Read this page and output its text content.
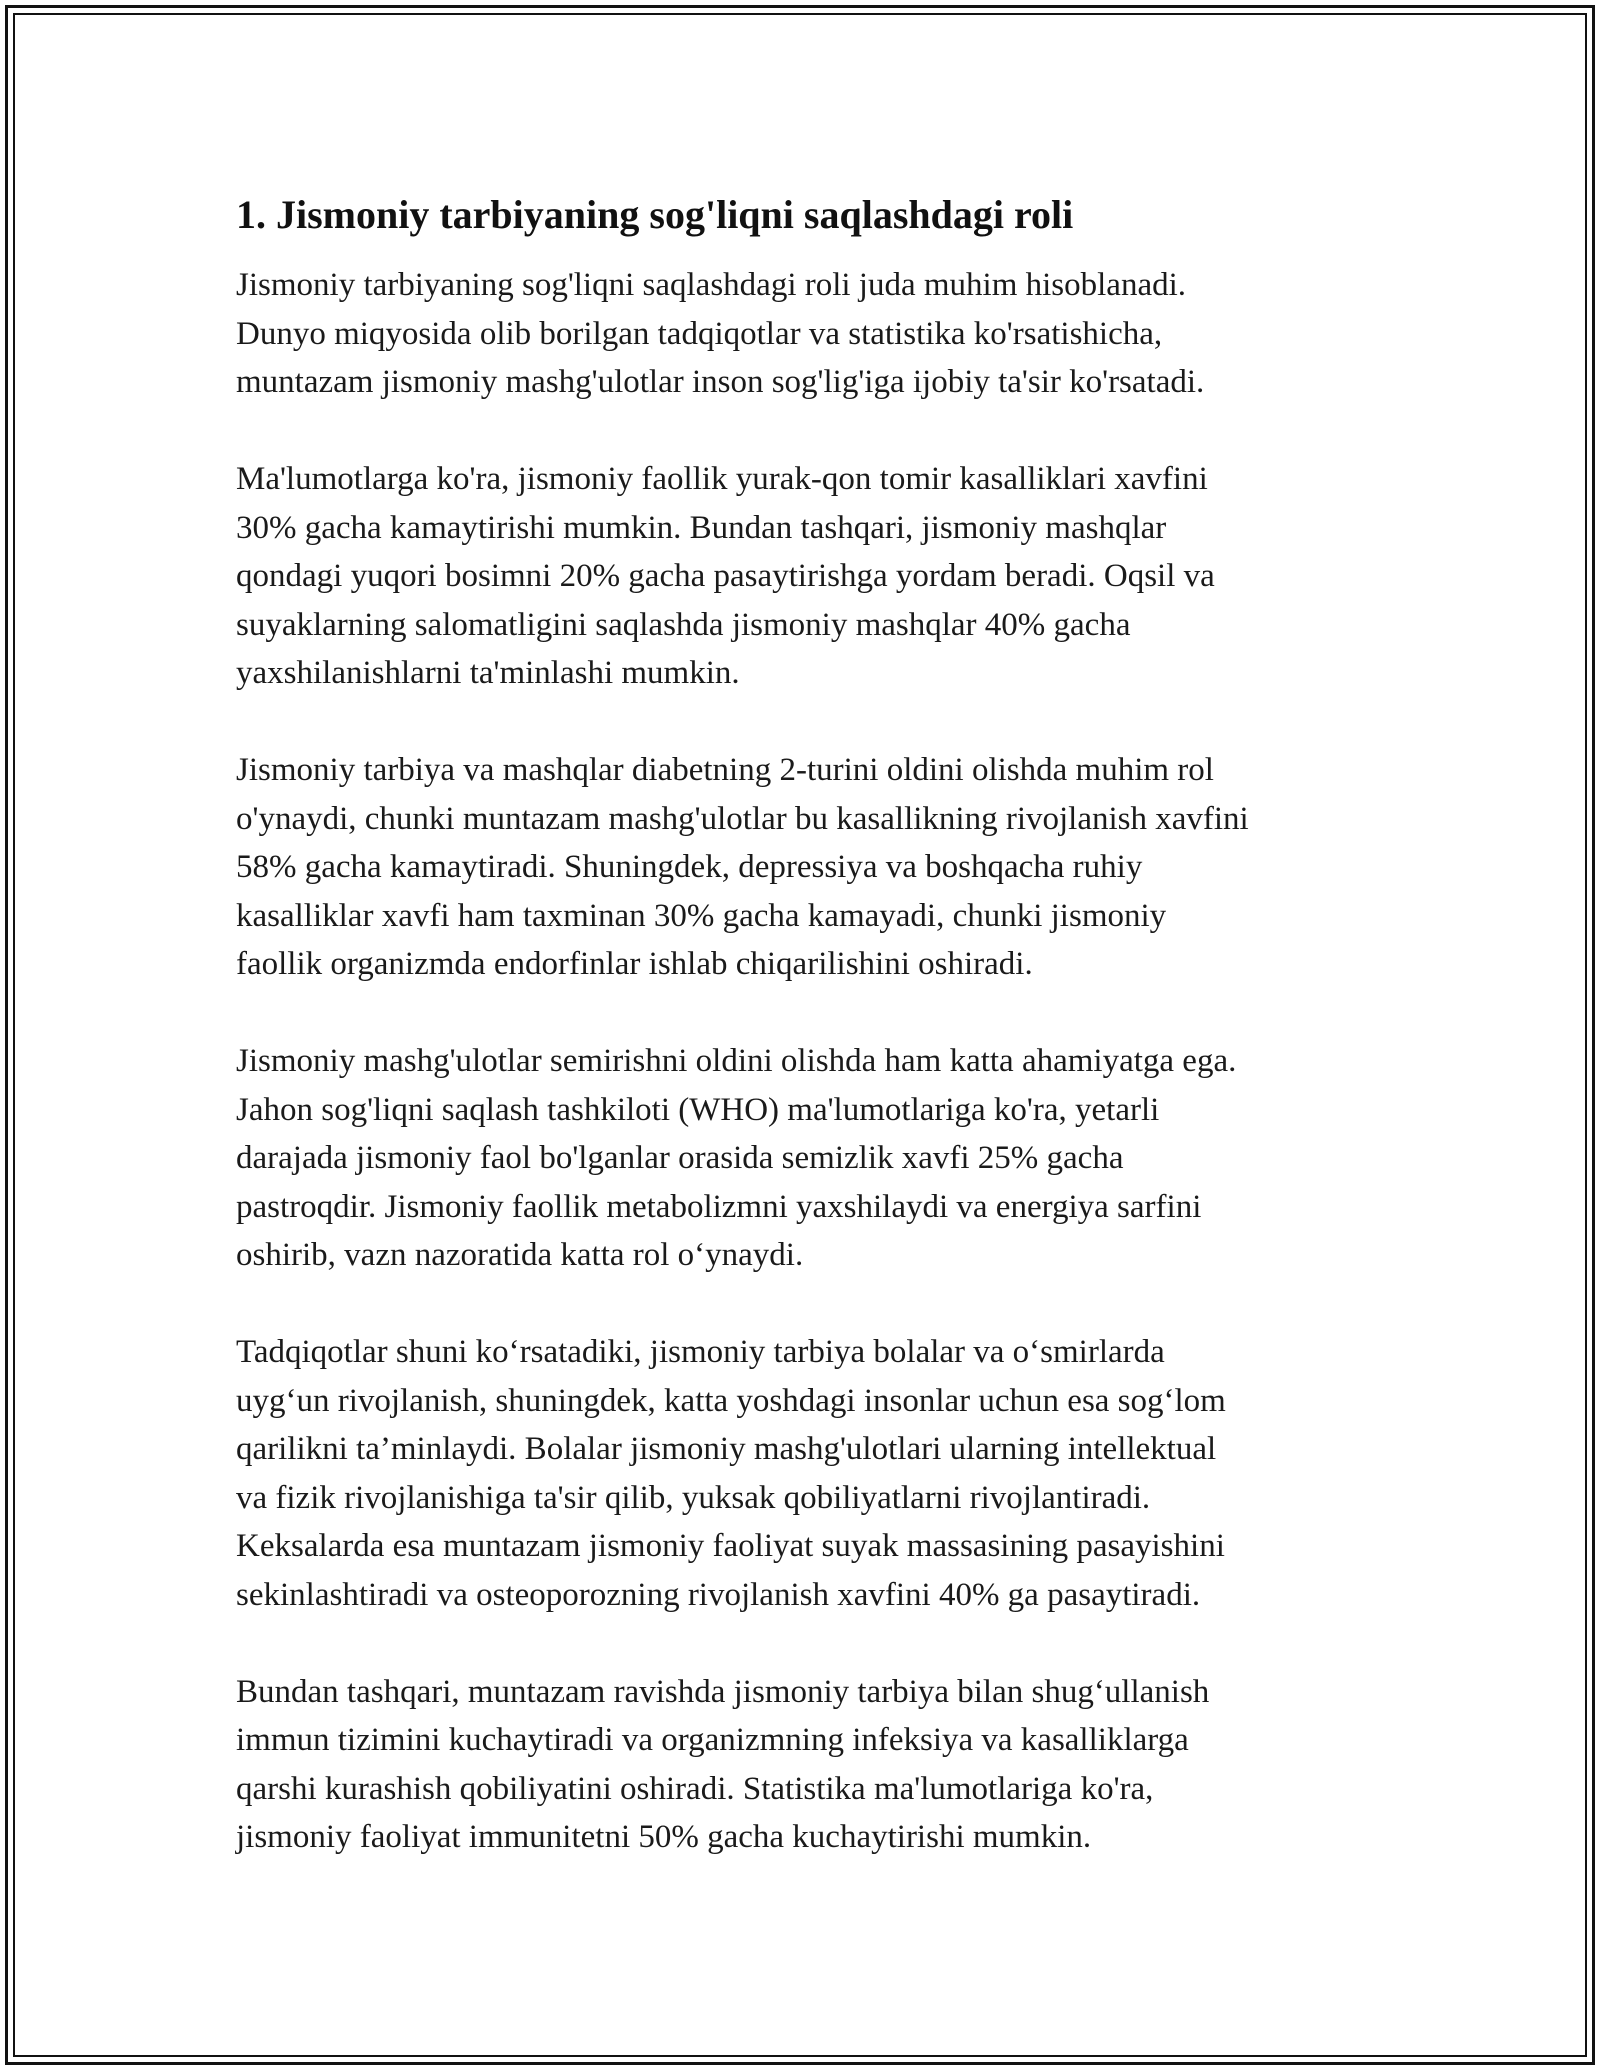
1. Jismoniy tarbiyaning sog'liqni saqlashdagi roli

Jismoniy tarbiyaning sog'liqni saqlashdagi roli juda muhim hisoblanadi.
Dunyo miqyosida olib borilgan tadqiqotlar va statistika ko'rsatishicha,
muntazam jismoniy mashg'ulotlar inson sog'lig'iga ijobiy ta'sir ko'rsatadi.

Ma'lumotlarga ko'ra, jismoniy faollik yurak-qon tomir kasalliklari xavfini
30% gacha kamaytirishi mumkin. Bundan tashqari, jismoniy mashqlar
qondagi yuqori bosimni 20% gacha pasaytirishga yordam beradi. Oqsil va
suyaklarning salomatligini saqlashda jismoniy mashqlar 40% gacha
yaxshilanishlarni ta'minlashi mumkin.

Jismoniy tarbiya va mashqlar diabetning 2-turini oldini olishda muhim rol
o'ynaydi, chunki muntazam mashg'ulotlar bu kasallikning rivojlanish xavfini
58% gacha kamaytiradi. Shuningdek, depressiya va boshqacha ruhiy
kasalliklar xavfi ham taxminan 30% gacha kamayadi, chunki jismoniy
faollik organizmda endorfinlar ishlab chiqarilishini oshiradi.

Jismoniy mashg'ulotlar semirishni oldini olishda ham katta ahamiyatga ega.
Jahon sog'liqni saqlash tashkiloti (WHO) ma'lumotlariga ko'ra, yetarli
darajada jismoniy faol bo'lganlar orasida semizlik xavfi 25% gacha
pastroqdir. Jismoniy faollik metabolizmni yaxshilaydi va energiya sarfini
oshirib, vazn nazoratida katta rol o‘ynaydi.

Tadqiqotlar shuni ko‘rsatadiki, jismoniy tarbiya bolalar va o‘smirlarda
uyg‘un rivojlanish, shuningdek, katta yoshdagi insonlar uchun esa sog‘lom
qarilikni ta’minlaydi. Bolalar jismoniy mashg'ulotlari ularning intellektual
va fizik rivojlanishiga ta'sir qilib, yuksak qobiliyatlarni rivojlantiradi.
Keksalarda esa muntazam jismoniy faoliyat suyak massasining pasayishini
sekinlashtiradi va osteoporozning rivojlanish xavfini 40% ga pasaytiradi.

Bundan tashqari, muntazam ravishda jismoniy tarbiya bilan shug‘ullanish
immun tizimini kuchaytiradi va organizmning infeksiya va kasalliklarga
qarshi kurashish qobiliyatini oshiradi. Statistika ma'lumotlariga ko'ra,
jismoniy faoliyat immunitetni 50% gacha kuchaytirishi mumkin.
